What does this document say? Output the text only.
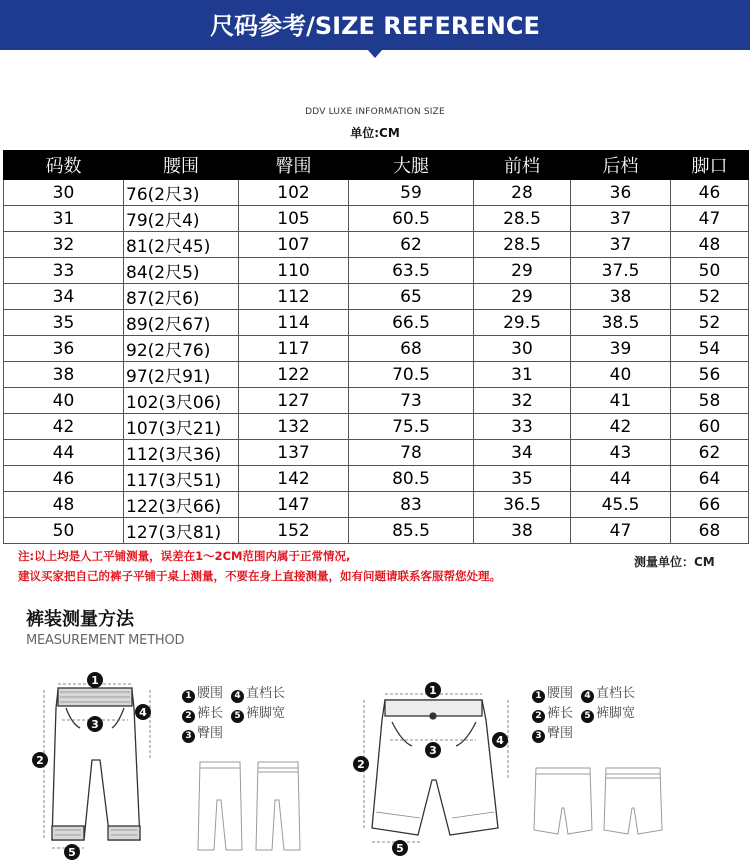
尺码参考/SIZE REFERENCE
DDV LUXE INFORMATION SIZE
单位:CM
码数	腰围	臀围	大腿	前档	后档	脚口
30	76(2尺3)	102	59	28	36	46
31	79(2尺4)	105	60.5	28.5	37	47
32	81(2尺45)	107	62	28.5	37	48
33	84(2尺5)	110	63.5	29	37.5	50
34	87(2尺6)	112	65	29	38	52
35	89(2尺67)	114	66.5	29.5	38.5	52
36	92(2尺76)	117	68	30	39	54
38	97(2尺91)	122	70.5	31	40	56
40	102(3尺06)	127	73	32	41	58
42	107(3尺21)	132	75.5	33	42	60
44	112(3尺36)	137	78	34	43	62
46	117(3尺51)	142	80.5	35	44	64
48	122(3尺66)	147	83	36.5	45.5	66
50	127(3尺81)	152	85.5	38	47	68
注:以上均是人工平铺测量，误差在1～2CM范围内属于正常情况,
建议买家把自己的裤子平铺于桌上测量，不要在身上直接测量，如有问题请联系客服帮您处理。
测量单位：CM
裤装测量方法
MEASUREMENT METHOD
1
2
3
4
5
1
2
3
4
5
1 腰围 4 直档长
2 裤长 5 裤脚宽
3 臀围
1 腰围 4 直档长
2 裤长 5 裤脚宽
3 臀围
